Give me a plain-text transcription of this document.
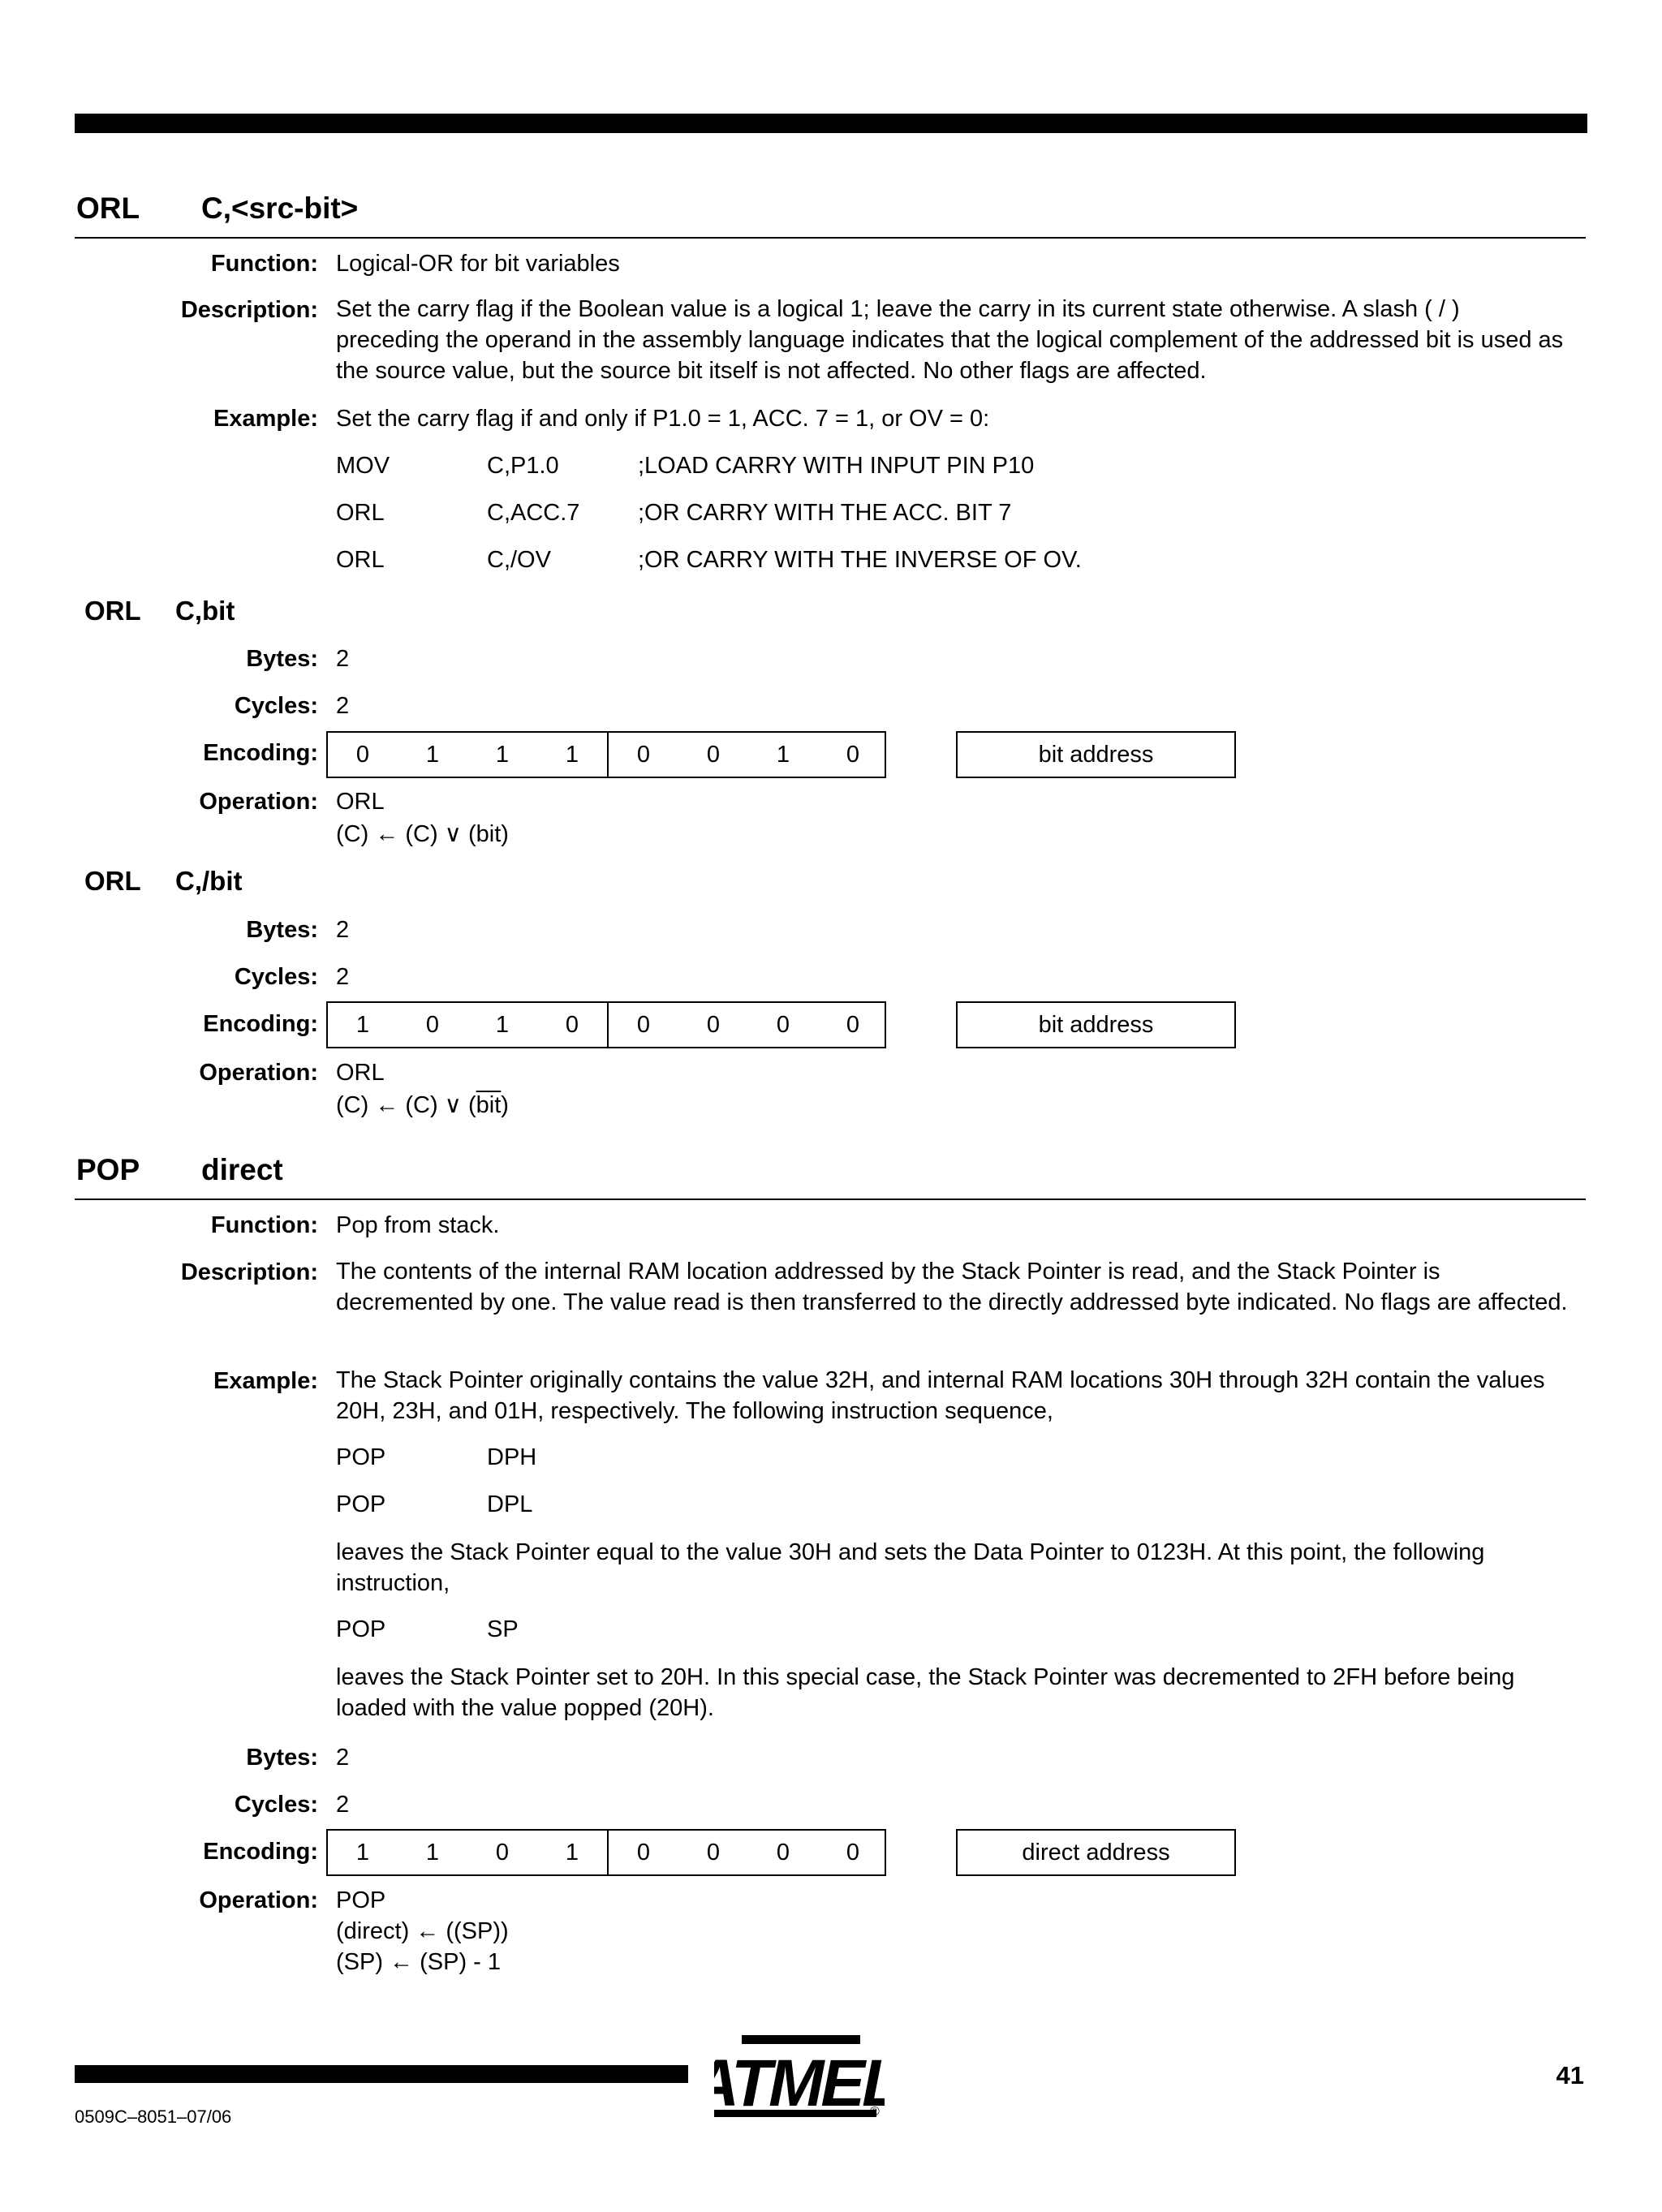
ORL C,<src-bit>
Function: Logical-OR for bit variables
Description: Set the carry flag if the Boolean value is a logical 1; leave the carry in its current state otherwise. A slash ( / ) preceding the operand in the assembly language indicates that the logical complement of the addressed bit is used as the source value, but the source bit itself is not affected. No other flags are affected.
Example: Set the carry flag if and only if P1.0 = 1, ACC. 7 = 1, or OV = 0:
MOV	C,P1.0	;LOAD CARRY WITH INPUT PIN P10
ORL	C,ACC.7 ;OR CARRY WITH THE ACC. BIT 7
ORL	C,/OV	;OR CARRY WITH THE INVERSE OF OV.
ORL C,bit
Bytes: 2
Cycles: 2
Encoding:	0	1	1	1	0	0	1	0	bit address
Operation: ORL
(C) ← (C) ∨ (bit)
ORL C,/bit
Bytes: 2
Cycles: 2
Encoding:	1	0	1	0	0	0	0	0	bit address
Operation: ORL
(C) ← (C) ∨ $(\overline{bit})$
POP direct
Function: Pop from stack.
Description: The contents of the internal RAM location addressed by the Stack Pointer is read, and the Stack Pointer is decremented by one. The value read is then transferred to the directly addressed byte indicated. No flags are affected.
Example: The Stack Pointer originally contains the value 32H, and internal RAM locations 30H through 32H contain the values 20H, 23H, and 01H, respectively. The following instruction sequence,
POP	DPH
POP	DPL
leaves the Stack Pointer equal to the value 30H and sets the Data Pointer to 0123H. At this point, the following instruction,
POP	SP
leaves the Stack Pointer set to 20H. In this special case, the Stack Pointer was decremented to 2FH before being loaded with the value popped (20H).
Bytes: 2
Cycles: 2
Encoding:	1	1	0	1	0	0	0	0	direct address
Operation: POP
(direct) ← ((SP))
(SP) ← (SP) - 1
TME ®
41
0509C–8051–07/06
